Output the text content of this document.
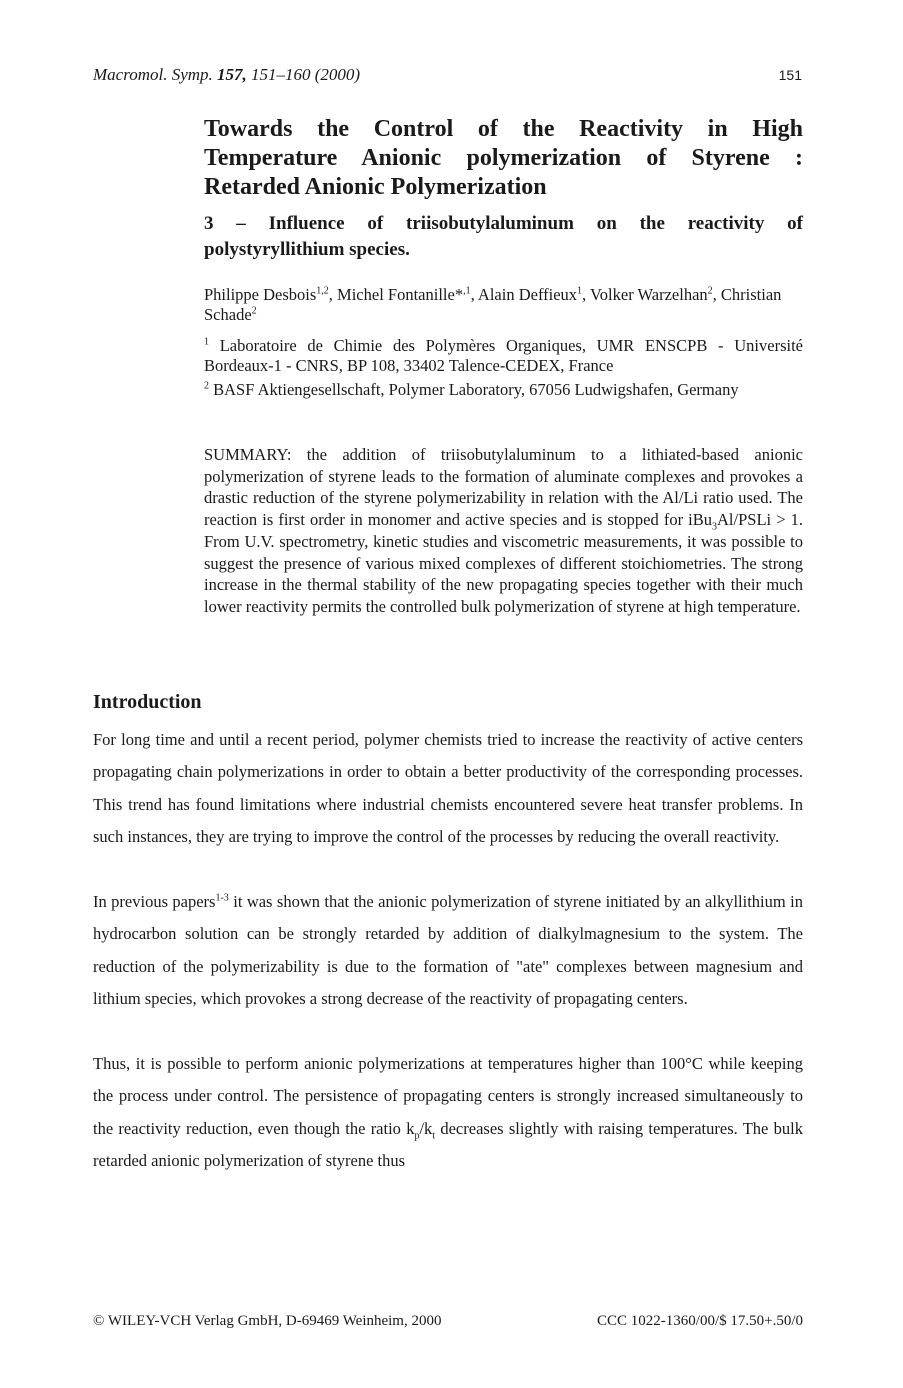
Macromol. Symp. 157, 151–160 (2000)	151
Towards the Control of the Reactivity in High Temperature Anionic polymerization of Styrene : Retarded Anionic Polymerization
3 – Influence of triisobutylaluminum on the reactivity of polystyryllithium species.

Philippe Desbois$^{1,2}$, Michel Fontanille*$^{,1}$, Alain Deffieux$^1$, Volker Warzelhan$^2$, Christian Schade$^2$

$^1$ Laboratoire de Chimie des Polymères Organiques, UMR ENSCPB - Université Bordeaux-1 - CNRS, BP 108, 33402 Talence-CEDEX, France

$^2$ BASF Aktiengesellschaft, Polymer Laboratory, 67056 Ludwigshafen, Germany

SUMMARY: the addition of triisobutylaluminum to a lithiated-based anionic polymerization of styrene leads to the formation of aluminate complexes and provokes a drastic reduction of the styrene polymerizability in relation with the Al/Li ratio used. The reaction is first order in monomer and active species and is stopped for iBu$_3$Al/PSLi > 1. From U.V. spectrometry, kinetic studies and viscometric measurements, it was possible to suggest the presence of various mixed complexes of different stoichiometries. The strong increase in the thermal stability of the new propagating species together with their much lower reactivity permits the controlled bulk polymerization of styrene at high temperature.

Introduction

For long time and until a recent period, polymer chemists tried to increase the reactivity of active centers propagating chain polymerizations in order to obtain a better productivity of the corresponding processes. This trend has found limitations where industrial chemists encountered severe heat transfer problems. In such instances, they are trying to improve the control of the processes by reducing the overall reactivity.

In previous papers$^{1-3}$ it was shown that the anionic polymerization of styrene initiated by an alkyllithium in hydrocarbon solution can be strongly retarded by addition of dialkylmagnesium to the system. The reduction of the polymerizability is due to the formation of "ate" complexes between magnesium and lithium species, which provokes a strong decrease of the reactivity of propagating centers.

Thus, it is possible to perform anionic polymerizations at temperatures higher than 100°C while keeping the process under control. The persistence of propagating centers is strongly increased simultaneously to the reactivity reduction, even though the ratio $k_p/k_t$ decreases slightly with raising temperatures. The bulk retarded anionic polymerization of styrene thus

© WILEY-VCH Verlag GmbH, D-69469 Weinheim, 2000	CCC 1022-1360/00/$ 17.50+.50/0
